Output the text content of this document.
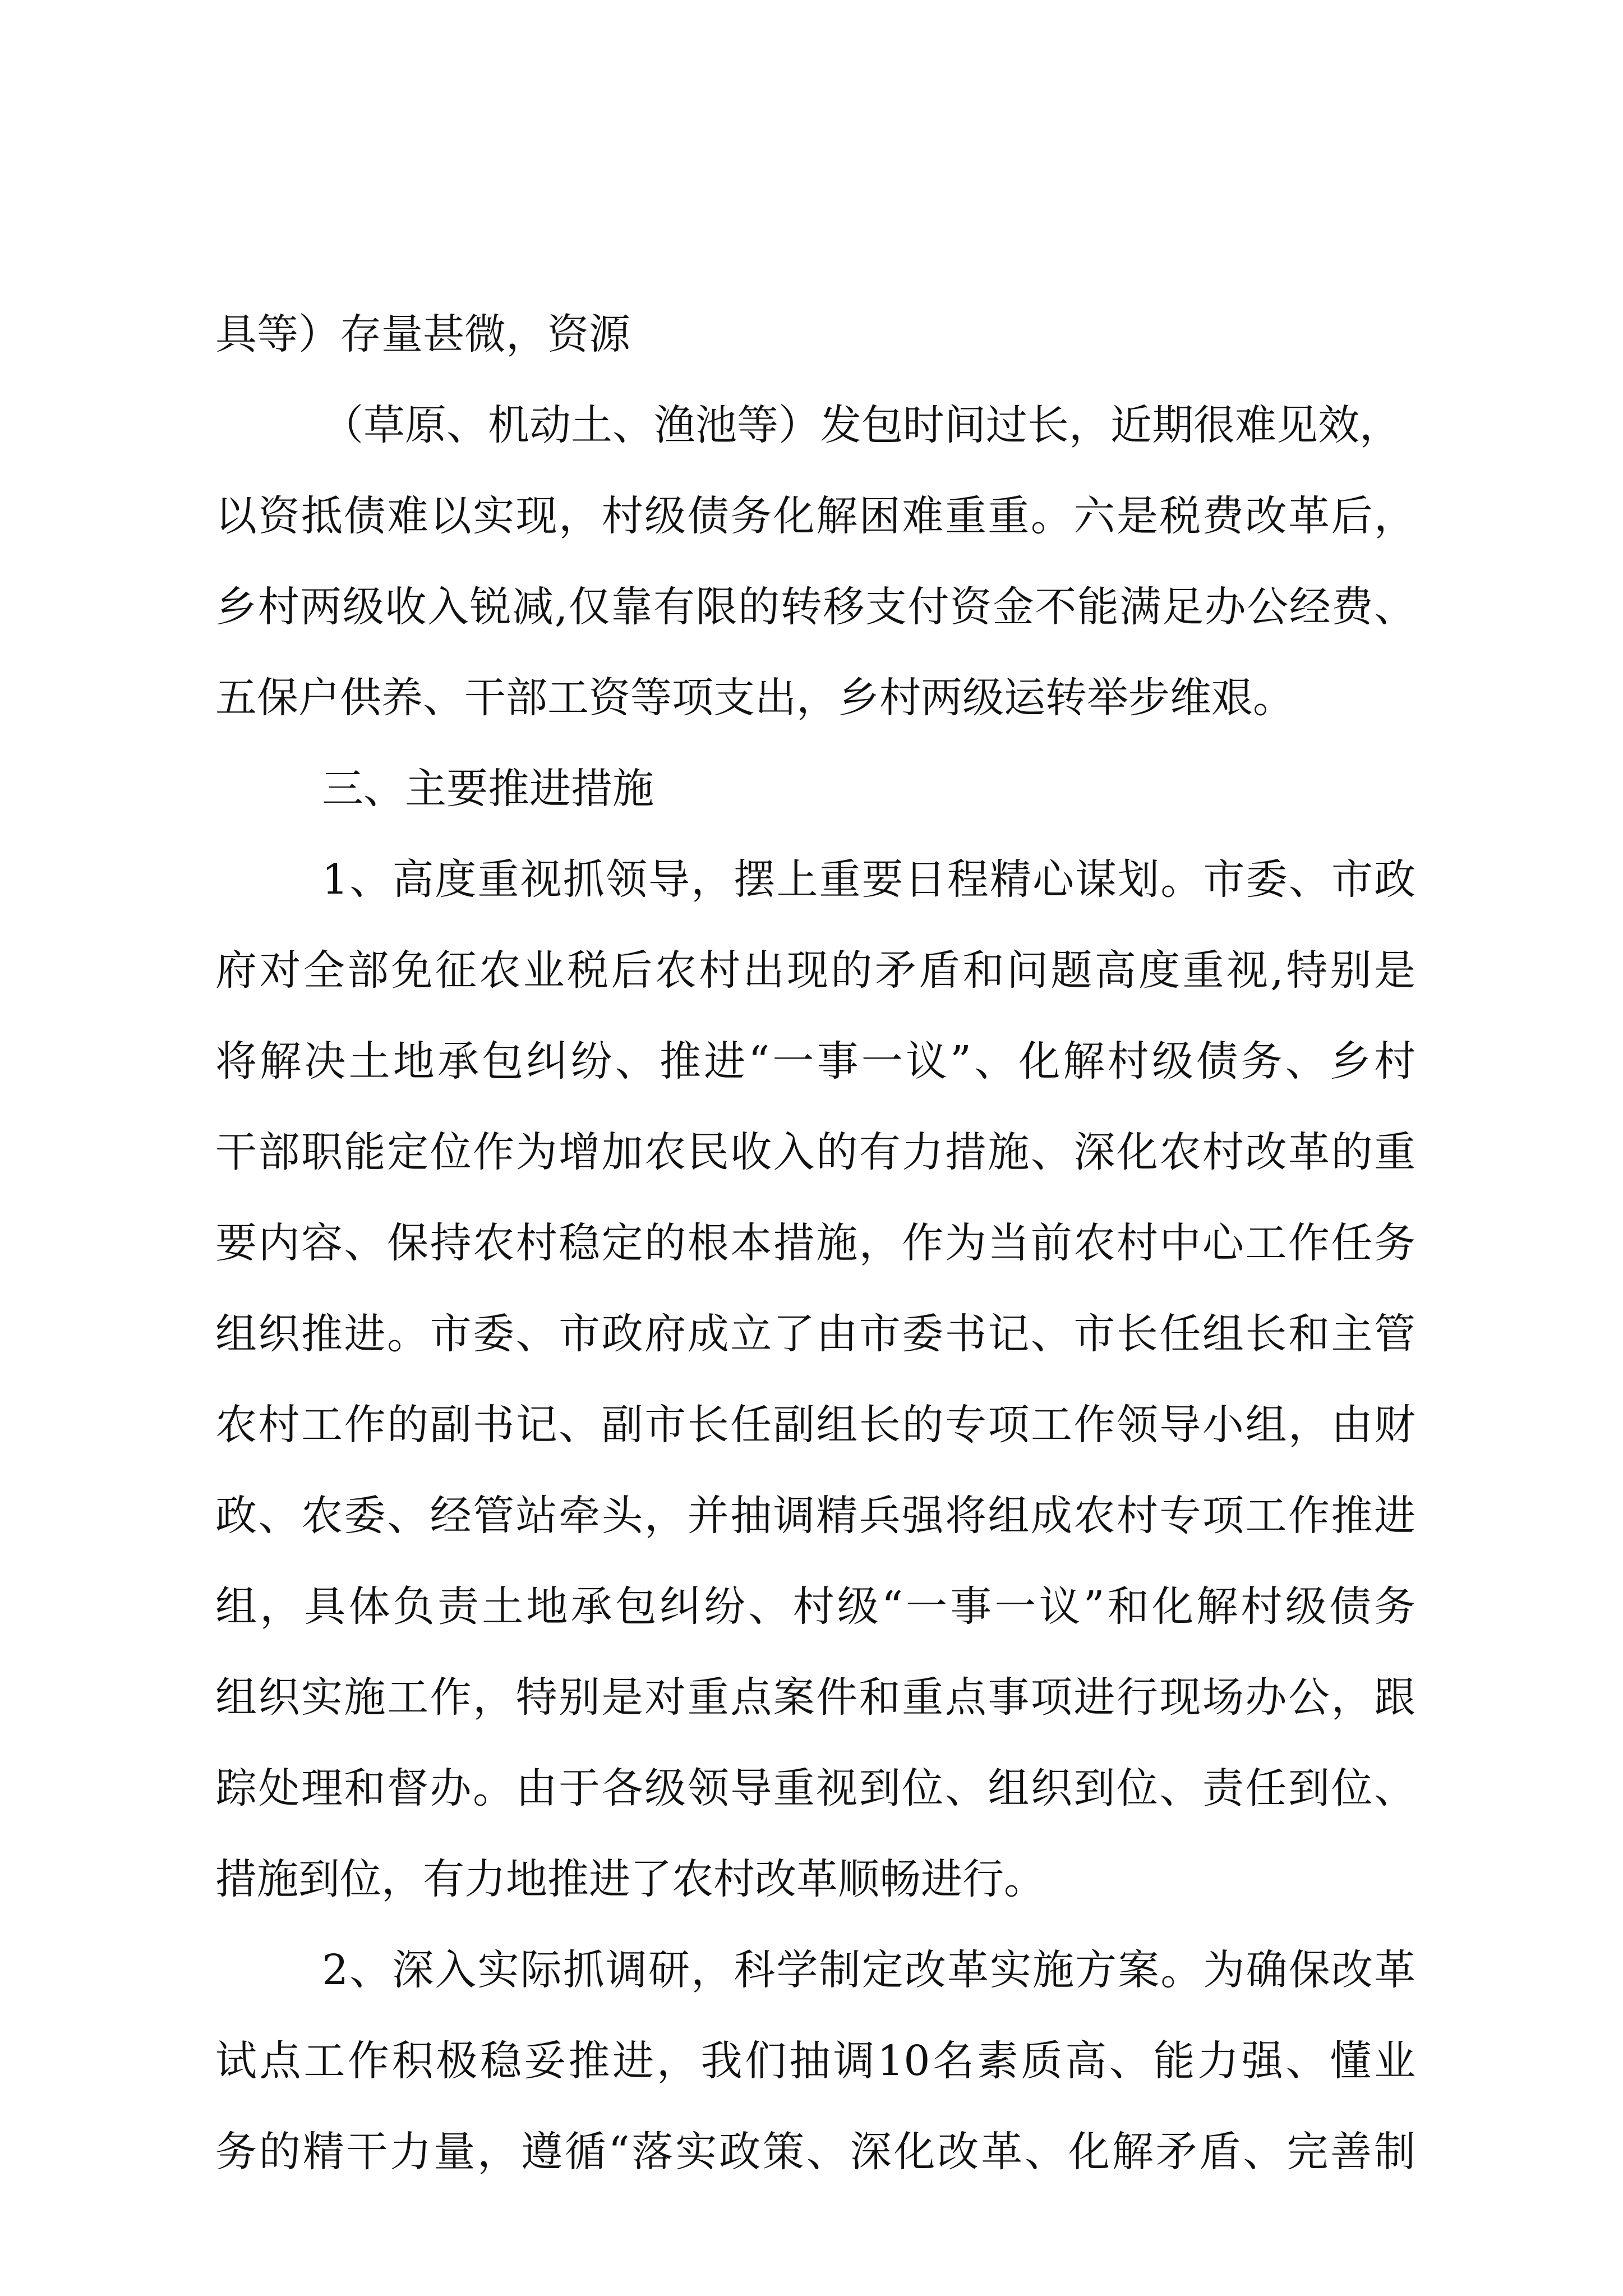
具等）存量甚微，资源
（草原、机动土、渔池等）发包时间过长，近期很难见效，
以资抵债难以实现，村级债务化解困难重重。六是税费改革后，
乡村两级收入锐减,仅靠有限的转移支付资金不能满足办公经费、
五保户供养、干部工资等项支出，乡村两级运转举步维艰。
三、主要推进措施
1、高度重视抓领导，摆上重要日程精心谋划。市委、市政
府对全部免征农业税后农村出现的矛盾和问题高度重视,特别是
将解决土地承包纠纷、推进“一事一议”、化解村级债务、乡村
干部职能定位作为增加农民收入的有力措施、深化农村改革的重
要内容、保持农村稳定的根本措施，作为当前农村中心工作任务
组织推进。市委、市政府成立了由市委书记、市长任组长和主管
农村工作的副书记、副市长任副组长的专项工作领导小组，由财
政、农委、经管站牵头，并抽调精兵强将组成农村专项工作推进
组，具体负责土地承包纠纷、村级“一事一议”和化解村级债务
组织实施工作，特别是对重点案件和重点事项进行现场办公，跟
踪处理和督办。由于各级领导重视到位、组织到位、责任到位、
措施到位，有力地推进了农村改革顺畅进行。
2、深入实际抓调研，科学制定改革实施方案。为确保改革
试点工作积极稳妥推进，我们抽调10名素质高、能力强、懂业
务的精干力量，遵循“落实政策、深化改革、化解矛盾、完善制
